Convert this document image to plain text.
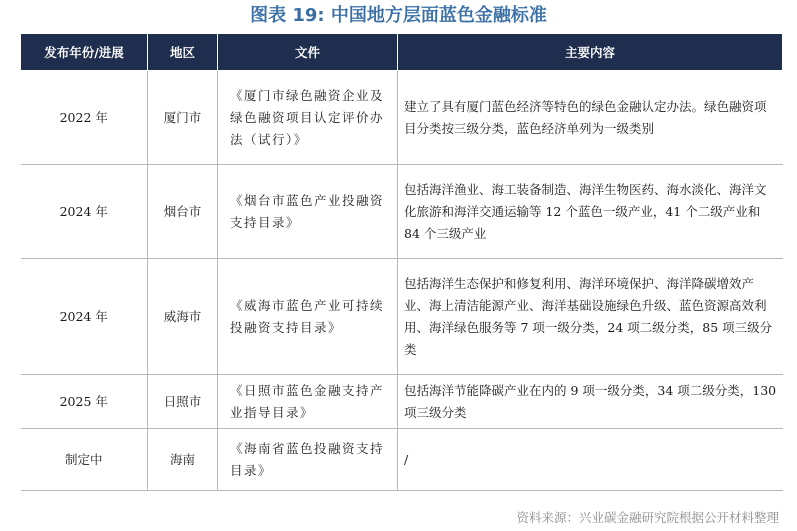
图表 19: 中国地方层面蓝色金融标准
发布年份/进展	地区	文件	主要内容
2022 年	厦门市	《厦门市绿色融资企业及绿色融资项目认定评价办法（试行）》	建立了具有厦门蓝色经济等特色的绿色金融认定办法。绿色融资项目分类按三级分类，蓝色经济单列为一级类别
2024 年	烟台市	《烟台市蓝色产业投融资支持目录》	包括海洋渔业、海工装备制造、海洋生物医药、海水淡化、海洋文化旅游和海洋交通运输等 12 个蓝色一级产业，41 个二级产业和 84 个三级产业
2024 年	威海市	《威海市蓝色产业可持续投融资支持目录》	包括海洋生态保护和修复利用、海洋环境保护、海洋降碳增效产业、海上清洁能源产业、海洋基础设施绿色升级、蓝色资源高效利用、海洋绿色服务等 7 项一级分类，24 项二级分类，85 项三级分类
2025 年	日照市	《日照市蓝色金融支持产业指导目录》	包括海洋节能降碳产业在内的 9 项一级分类，34 项二级分类，130 项三级分类
制定中	海南	《海南省蓝色投融资支持目录》	/
资料来源：兴业碳金融研究院根据公开材料整理
